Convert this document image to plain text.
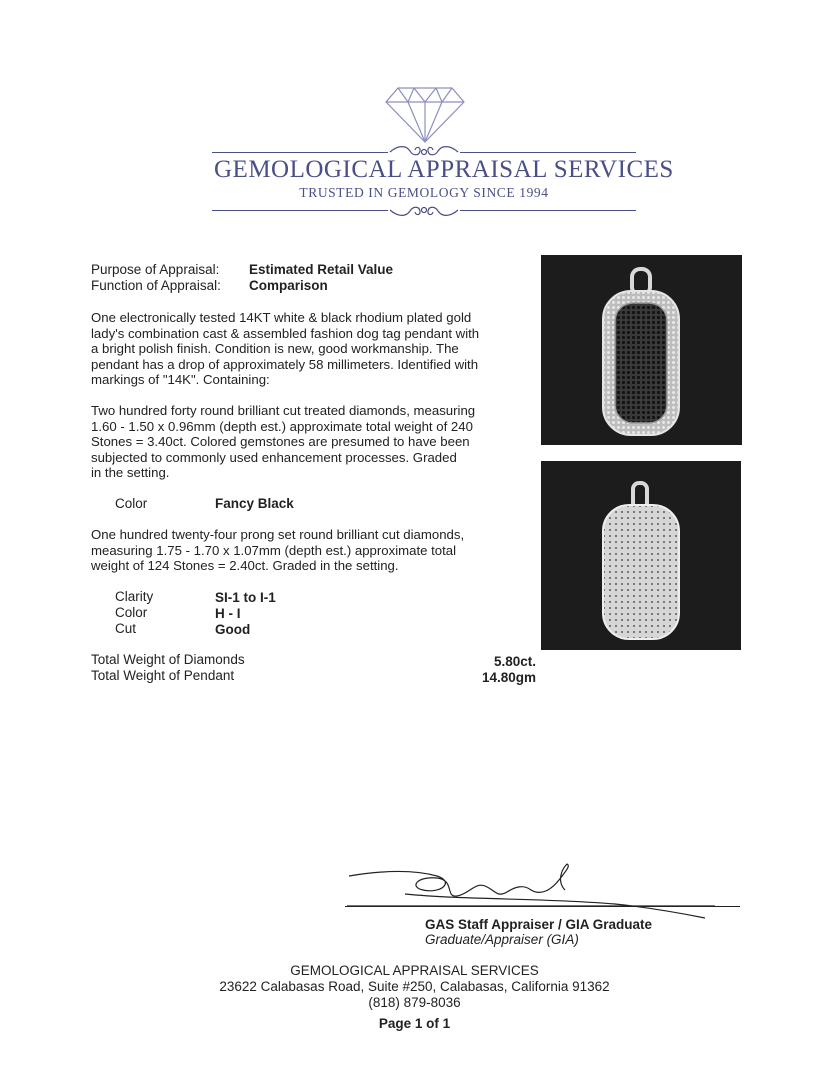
GEMOLOGICAL APPRAISAL SERVICES
TRUSTED IN GEMOLOGY SINCE 1994
Purpose of Appraisal: Estimated Retail Value
Function of Appraisal: Comparison
One electronically tested 14KT white & black rhodium plated gold
lady's combination cast & assembled fashion dog tag pendant with
a bright polish finish. Condition is new, good workmanship. The
pendant has a drop of approximately 58 millimeters. Identified with
markings of "14K". Containing:
Two hundred forty round brilliant cut treated diamonds, measuring
1.60 - 1.50 x 0.96mm (depth est.) approximate total weight of 240
Stones = 3.40ct. Colored gemstones are presumed to have been
subjected to commonly used enhancement processes. Graded
in the setting.
Color	Fancy Black
One hundred twenty-four prong set round brilliant cut diamonds,
measuring 1.75 - 1.70 x 1.07mm (depth est.) approximate total
weight of 124 Stones = 2.40ct. Graded in the setting.
Clarity	SI-1 to I-1
Color	H - I
Cut	Good
Total Weight of Diamonds	5.80ct.
Total Weight of Pendant	14.80gm
GAS Staff Appraiser / GIA Graduate
Graduate/Appraiser (GIA)
GEMOLOGICAL APPRAISAL SERVICES
23622 Calabasas Road, Suite #250, Calabasas, California 91362
(818) 879-8036
Page 1 of 1
